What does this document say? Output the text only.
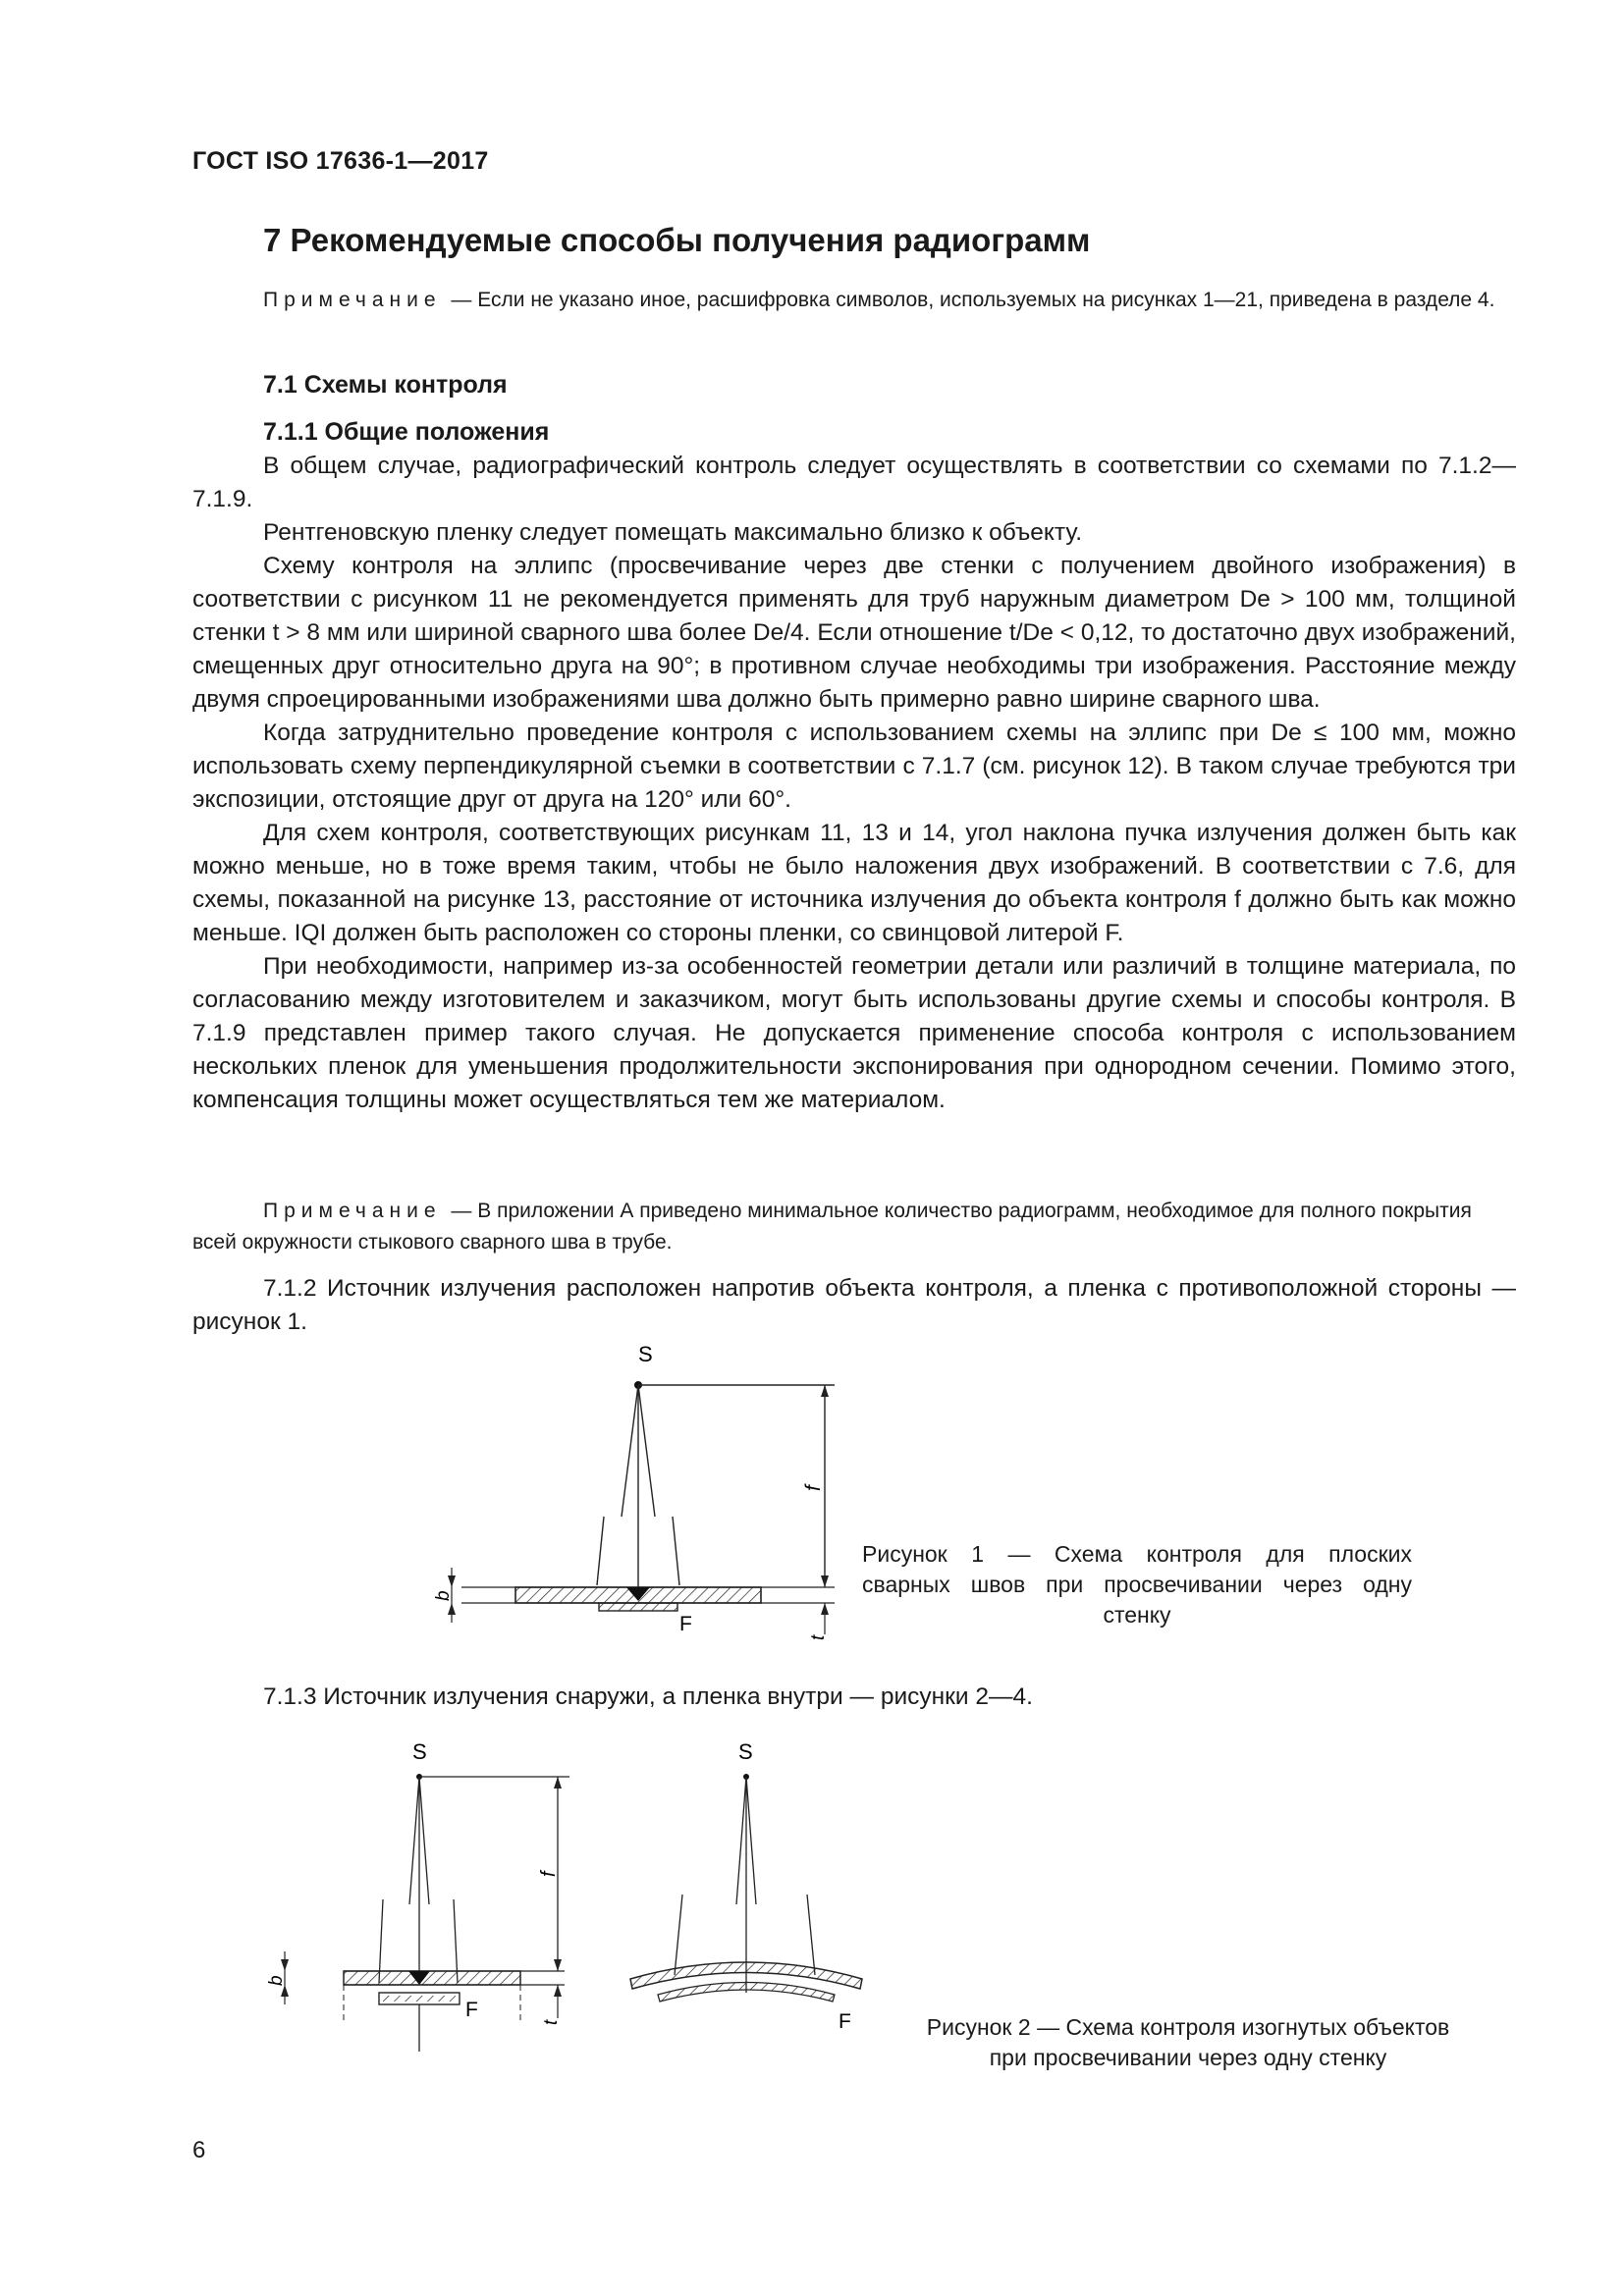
ГОСТ ISO 17636-1—2017
7 Рекомендуемые способы получения радиограмм
Примечание — Если не указано иное, расшифровка символов, используемых на рисунках 1—21, приведена в разделе 4.
7.1 Схемы контроля
7.1.1 Общие положения

В общем случае, радиографический контроль следует осуществлять в соответствии со схемами по 7.1.2—7.1.9.

Рентгеновскую пленку следует помещать максимально близко к объекту.

Схему контроля на эллипс (просвечивание через две стенки с получением двойного изображения) в соответствии с рисунком 11 не рекомендуется применять для труб наружным диаметром De > 100 мм, толщиной стенки t > 8 мм или шириной сварного шва более De/4. Если отношение t/De < 0,12, то достаточно двух изображений, смещенных друг относительно друга на 90°; в противном случае необходимы три изображения. Расстояние между двумя спроецированными изображениями шва должно быть примерно равно ширине сварного шва.

Когда затруднительно проведение контроля с использованием схемы на эллипс при De ≤ 100 мм, можно использовать схему перпендикулярной съемки в соответствии с 7.1.7 (см. рисунок 12). В таком случае требуются три экспозиции, отстоящие друг от друга на 120° или 60°.

Для схем контроля, соответствующих рисункам 11, 13 и 14, угол наклона пучка излучения должен быть как можно меньше, но в тоже время таким, чтобы не было наложения двух изображений. В соответствии с 7.6, для схемы, показанной на рисунке 13, расстояние от источника излучения до объекта контроля f должно быть как можно меньше. IQI должен быть расположен со стороны пленки, со свинцовой литерой F.

При необходимости, например из-за особенностей геометрии детали или различий в толщине материала, по согласованию между изготовителем и заказчиком, могут быть использованы другие схемы и способы контроля. В 7.1.9 представлен пример такого случая. Не допускается применение способа контроля с использованием нескольких пленок для уменьшения продолжительности экспонирования при однородном сечении. Помимо этого, компенсация толщины может осуществляться тем же материалом.

Примечание — В приложении А приведено минимальное количество радиограмм, необходимое для полного покрытия всей окружности стыкового сварного шва в трубе.

7.1.2 Источник излучения расположен напротив объекта контроля, а пленка с противоположной стороны — рисунок 1.

S
f
b
F
t
Рисунок 1 — Схема контроля для плоских
сварных швов при просвечивании через одну
стенку

7.1.3 Источник излучения снаружи, а пленка внутри — рисунки 2—4.

S
f
F
b
t
S
F	Рисунок 2 — Схема контроля изогнутых объектов
при просвечивании через одну стенку
6
